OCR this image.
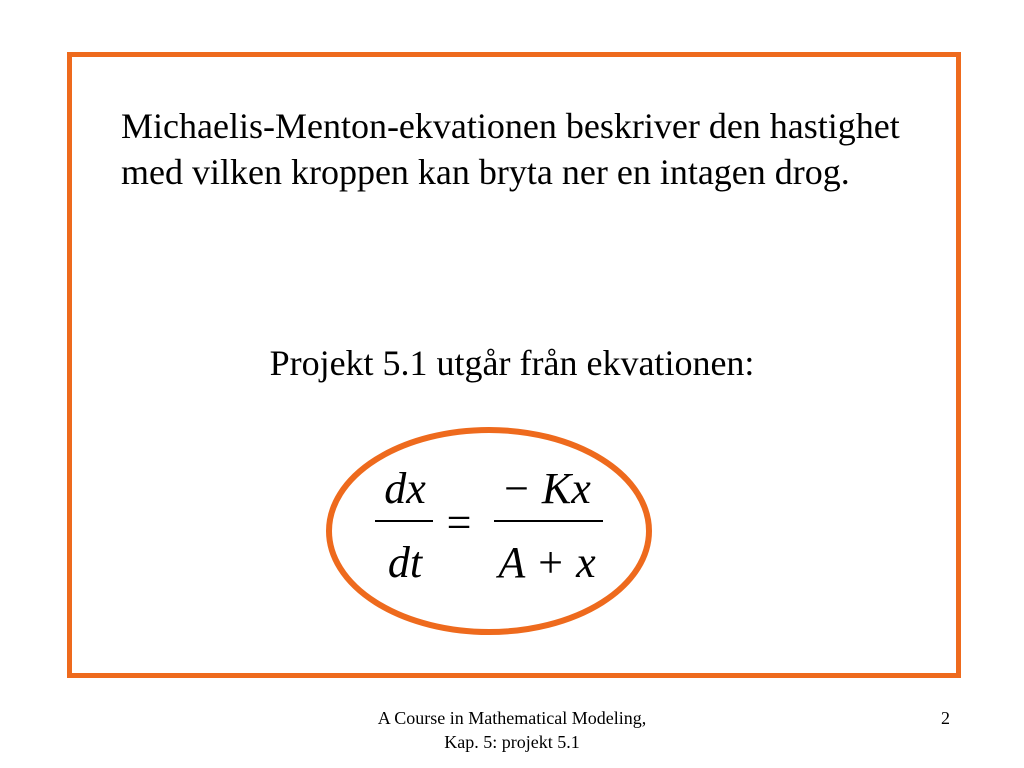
Michaelis-Menton-ekvationen beskriver den hastighet med vilken kroppen kan bryta ner en intagen drog.

Projekt 5.1 utgår från ekvationen:

dx
dt
=
− Kx
A + x
A Course in Mathematical Modeling,
Kap. 5: projekt 5.1
2
